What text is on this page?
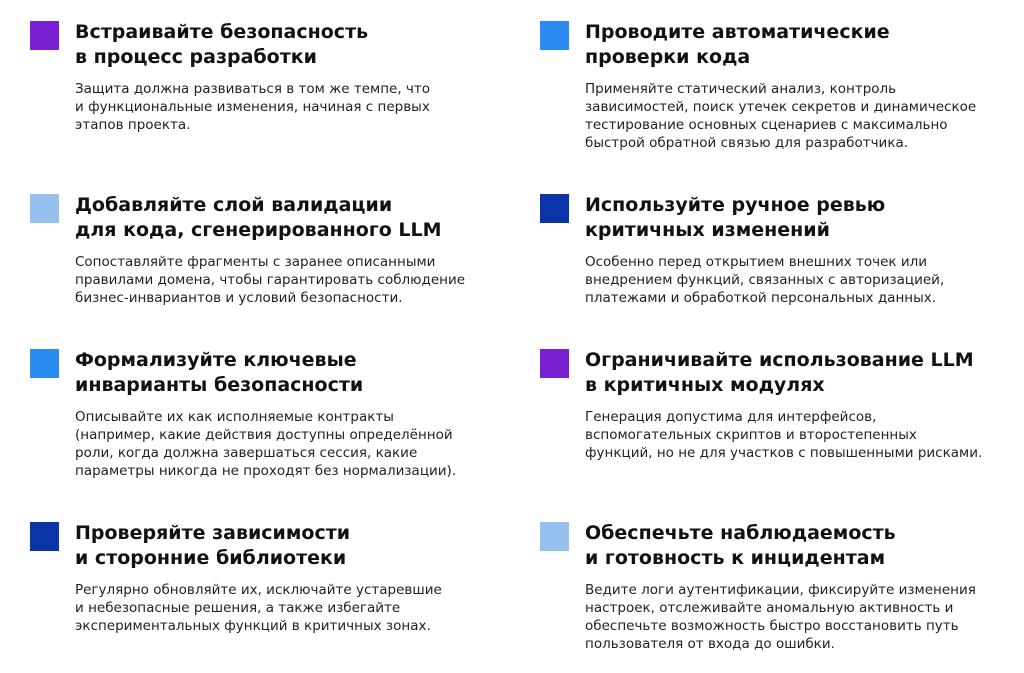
Встраивайте безопасность
в процесс разработки
Защита должна развиваться в том же темпе, что
и функциональные изменения, начиная с первых
этапов проекта.
Проводите автоматические
проверки кода
Применяйте статический анализ, контроль
зависимостей, поиск утечек секретов и динамическое
тестирование основных сценариев с максимально
быстрой обратной связью для разработчика.
Добавляйте слой валидации
для кода, сгенерированного LLM
Сопоставляйте фрагменты с заранее описанными
правилами домена, чтобы гарантировать соблюдение
бизнес-инвариантов и условий безопасности.
Используйте ручное ревью
критичных изменений
Особенно перед открытием внешних точек или
внедрением функций, связанных с авторизацией,
платежами и обработкой персональных данных.
Формализуйте ключевые
инварианты безопасности
Описывайте их как исполняемые контракты
(например, какие действия доступны определённой
роли, когда должна завершаться сессия, какие
параметры никогда не проходят без нормализации).
Ограничивайте использование LLM
в критичных модулях
Генерация допустима для интерфейсов,
вспомогательных скриптов и второстепенных
функций, но не для участков с повышенными рисками.
Проверяйте зависимости
и сторонние библиотеки
Регулярно обновляйте их, исключайте устаревшие
и небезопасные решения, а также избегайте
экспериментальных функций в критичных зонах.
Обеспечьте наблюдаемость
и готовность к инцидентам
Ведите логи аутентификации, фиксируйте изменения
настроек, отслеживайте аномальную активность и
обеспечьте возможность быстро восстановить путь
пользователя от входа до ошибки.
